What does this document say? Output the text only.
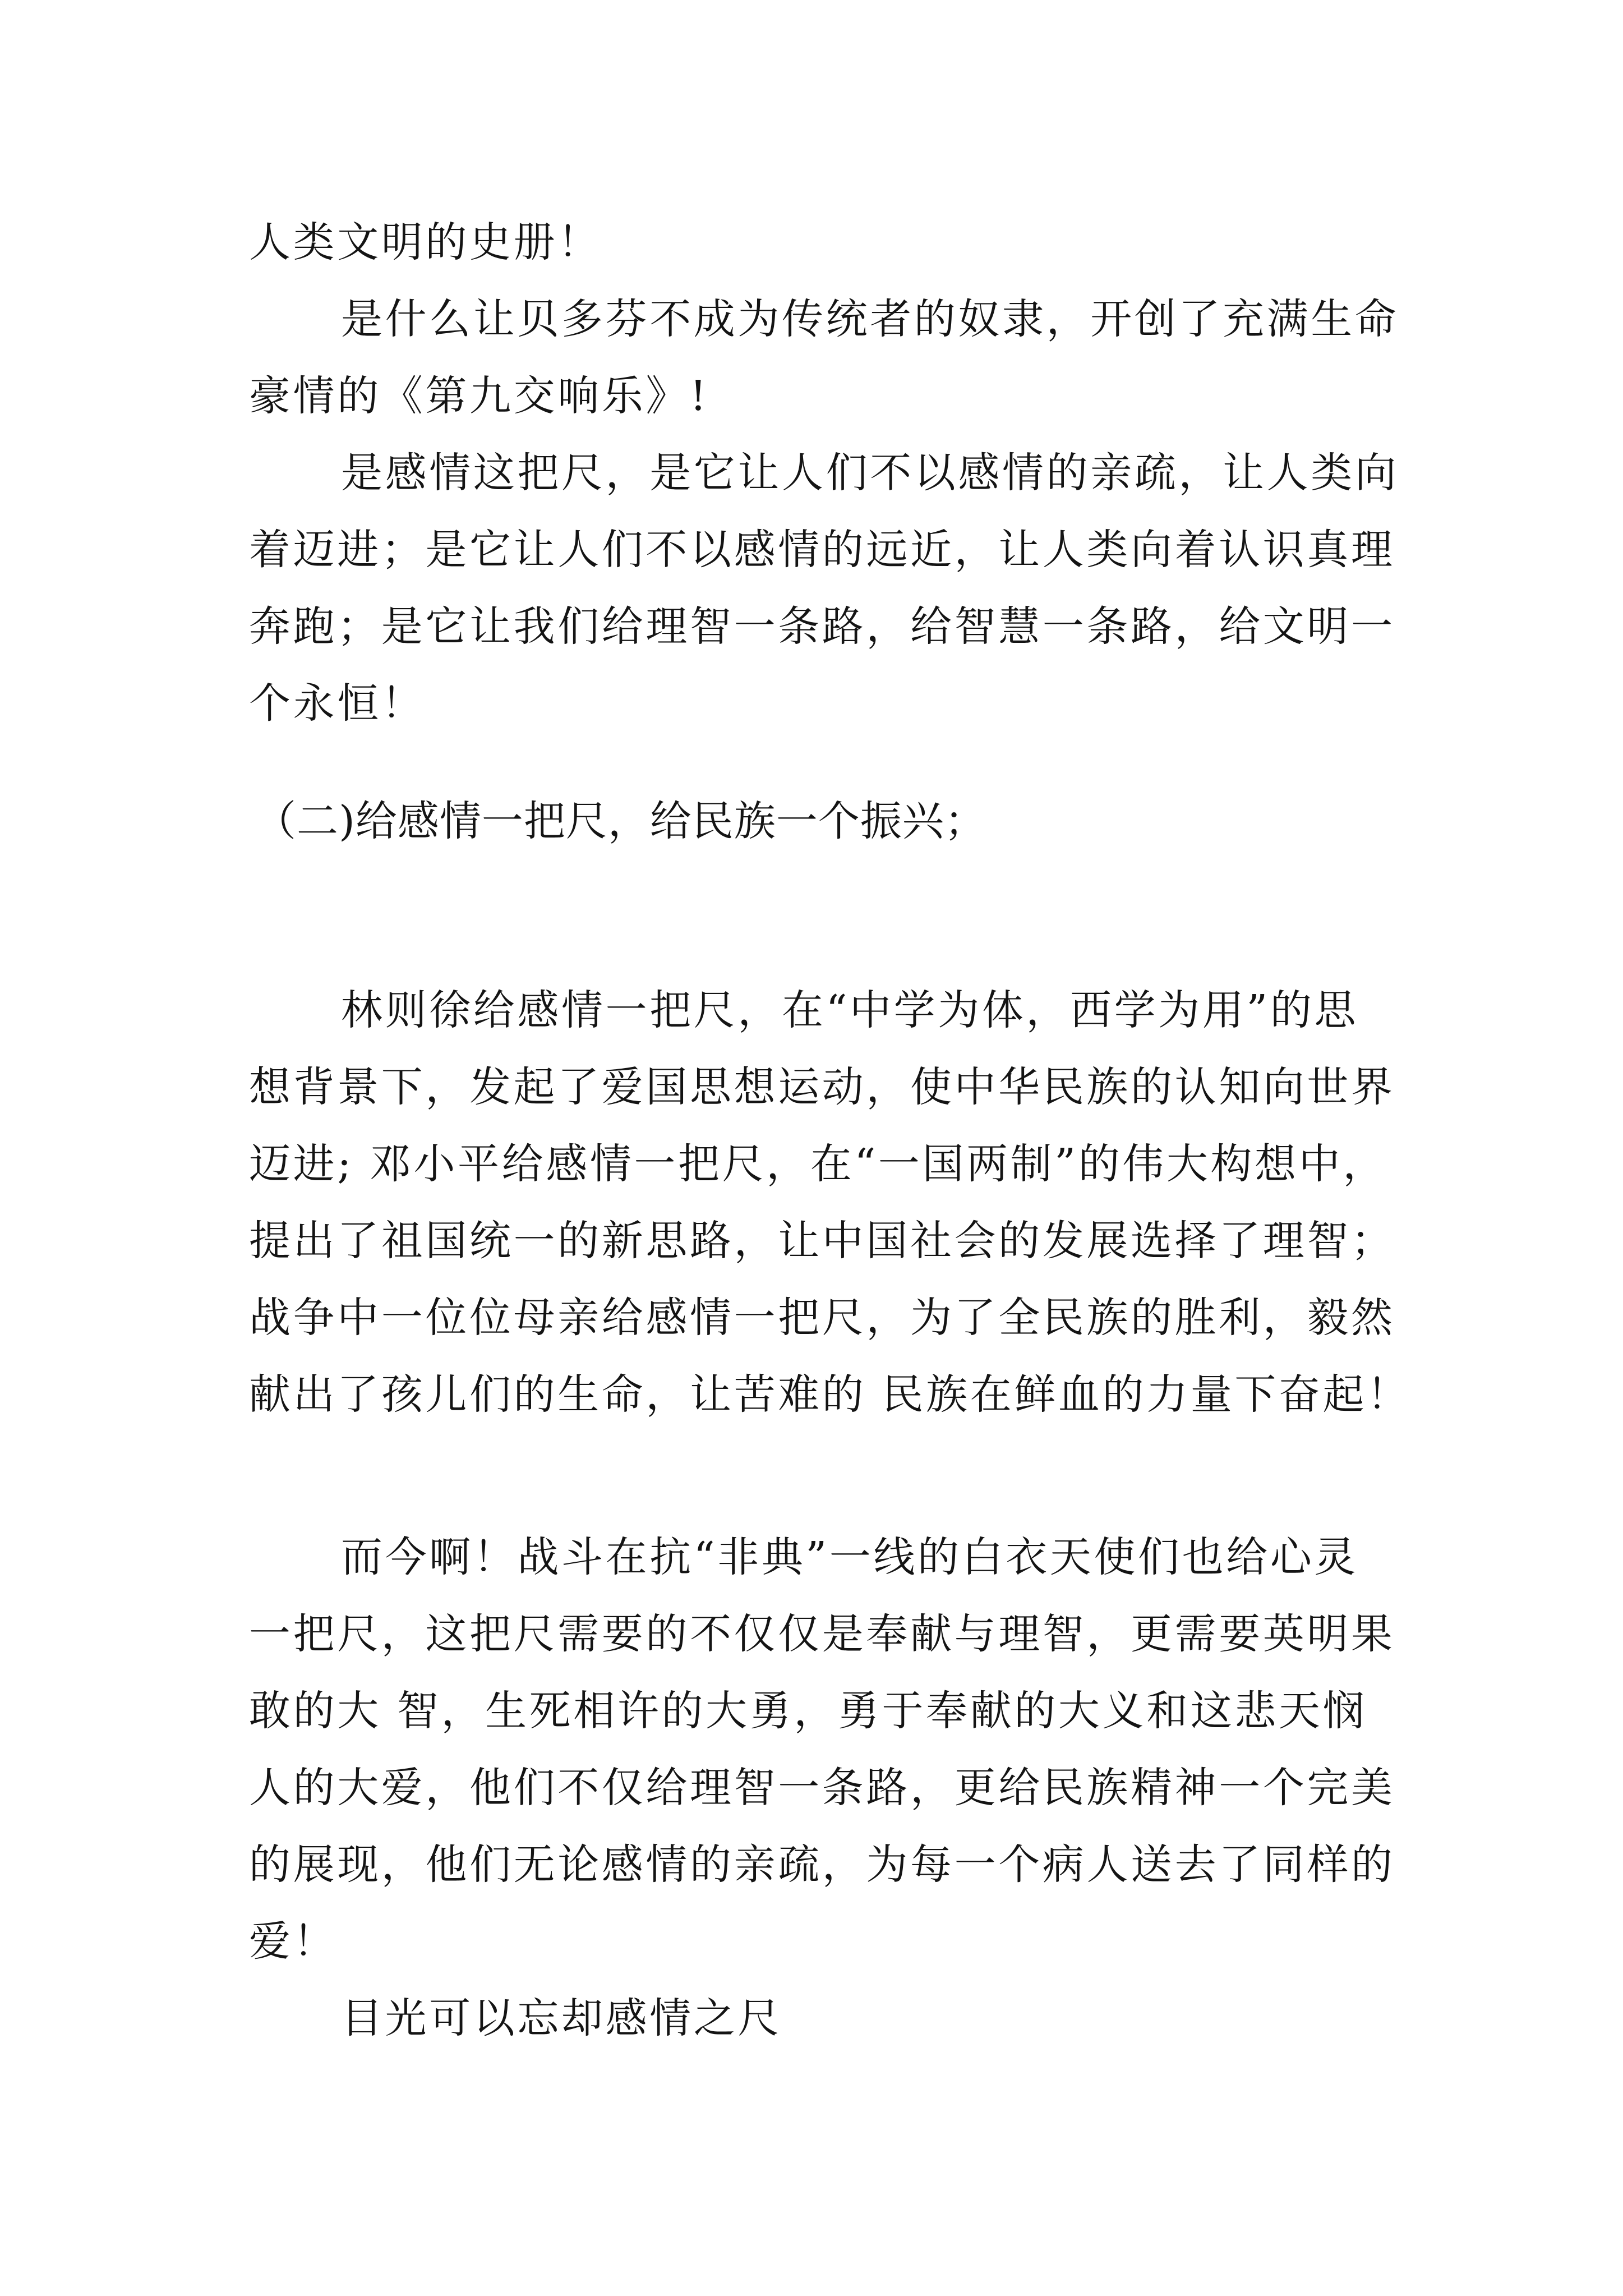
人类文明的史册！
是什么让贝多芬不成为传统者的奴隶，开创了充满生命
豪情的《第九交响乐》!
是感情这把尺，是它让人们不以感情的亲疏，让人类向
着迈进；是它让人们不以感情的远近，让人类向着认识真理
奔跑；是它让我们给理智一条路，给智慧一条路，给文明一
个永恒！
（二)给感情一把尺，给民族一个振兴；
林则徐给感情一把尺，在“中学为体，西学为用”的思
想背景下，发起了爱国思想运动，使中华民族的认知向世界
迈进; 邓小平给感情一把尺，在“一国两制”的伟大构想中，
提出了祖国统一的新思路，让中国社会的发展选择了理智；
战争中一位位母亲给感情一把尺，为了全民族的胜利，毅然
献出了孩儿们的生命，让苦难的 民族在鲜血的力量下奋起！
而今啊！战斗在抗“非典”一线的白衣天使们也给心灵
一把尺，这把尺需要的不仅仅是奉献与理智，更需要英明果
敢的大 智，生死相许的大勇，勇于奉献的大义和这悲天悯
人的大爱，他们不仅给理智一条路，更给民族精神一个完美
的展现，他们无论感情的亲疏，为每一个病人送去了同样的
爱！
目光可以忘却感情之尺
